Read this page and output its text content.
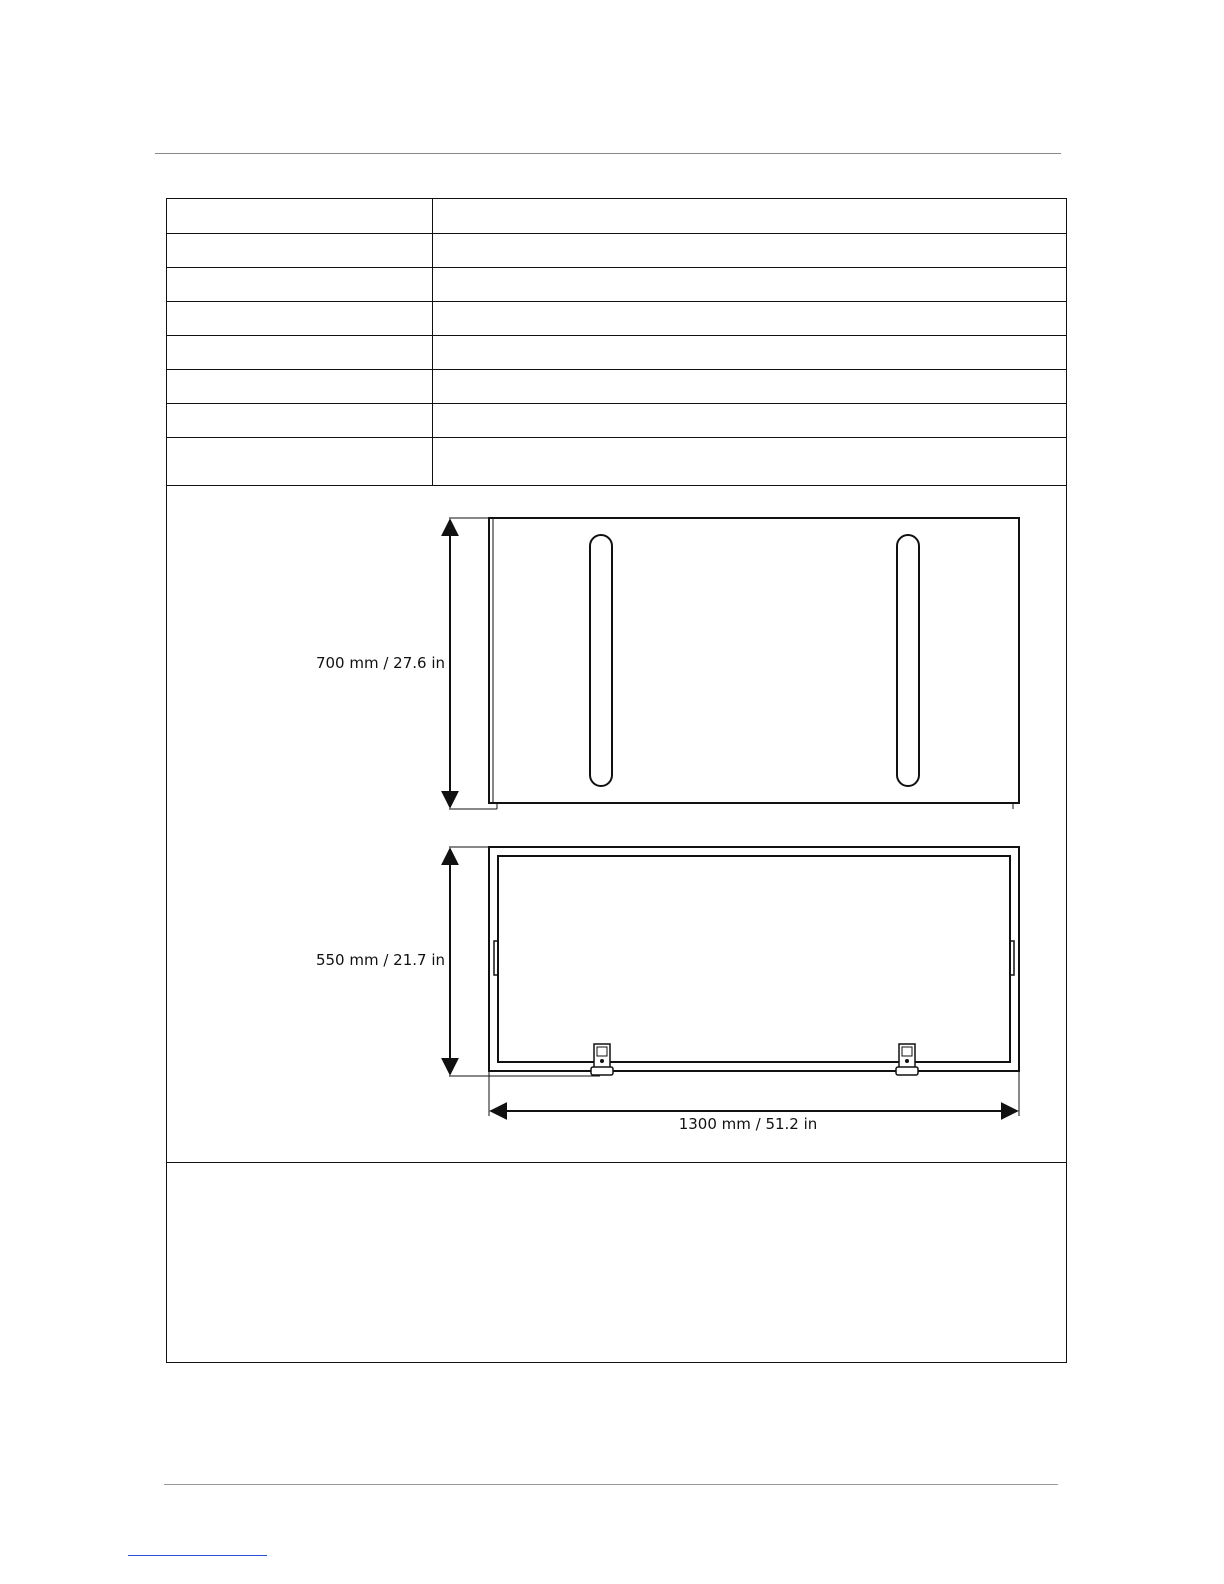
700 mm / 27.6 in
550 mm / 21.7 in
1300 mm / 51.2 in
